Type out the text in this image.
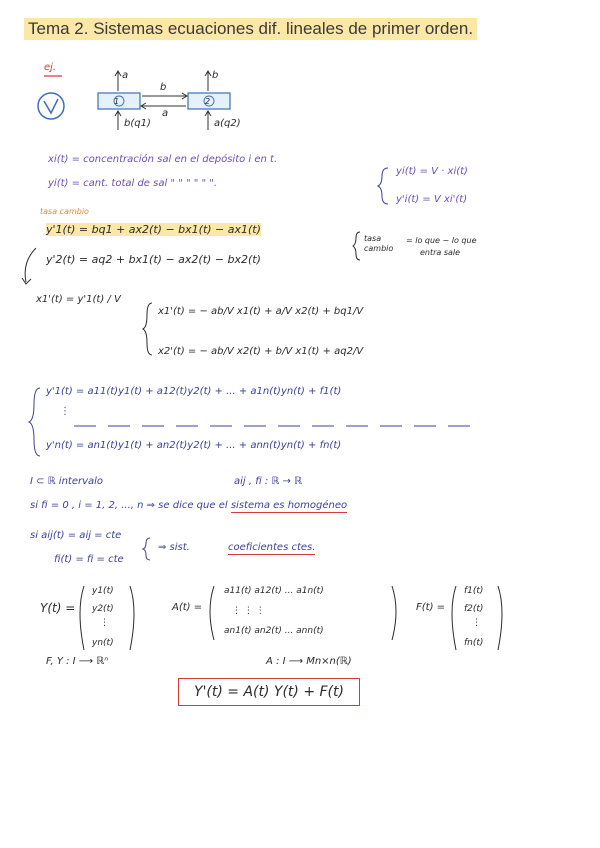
Tema 2. Sistemas ecuaciones dif. lineales de primer orden.
ej.
1	2
a	b
b
a
b(q1)	a(q2)
xi(t) = concentración sal en el depósito i en t.
yi(t) = cant. total de sal " " " " " ".
yi(t) = V · xi(t)
y'i(t) = V xi'(t)
tasa cambio
y'1(t) = bq1 + ax2(t) − bx1(t) − ax1(t)
y'2(t) = aq2 + bx1(t) − ax2(t) − bx2(t)
tasa
cambio
= lo que − lo que
entra sale
x1'(t) = y'1(t) / V
x1'(t) = − ab/V x1(t) + a/V x2(t) + bq1/V
x2'(t) = − ab/V x2(t) + b/V x1(t) + aq2/V
y'1(t) = a11(t)y1(t) + a12(t)y2(t) + ... + a1n(t)yn(t) + f1(t)
⋮
y'n(t) = an1(t)y1(t) + an2(t)y2(t) + ... + ann(t)yn(t) + fn(t)
I ⊂ ℝ intervalo	aij , fi : ℝ → ℝ
si fi = 0 , i = 1, 2, ..., n ⇒ se dice que el sistema es homogéneo
si aij(t) = aij = cte
fi(t) = fi = cte
⇒ sist.	coeficientes ctes.
Y(t) =
y1(t)
y2(t)
⋮
yn(t)
A(t) =
a11(t) a12(t) ... a1n(t)
⋮ ⋮ ⋮
an1(t) an2(t) ... ann(t)
F(t) =
f1(t)
f2(t)
⋮
fn(t)
F, Y : I ⟶ ℝⁿ	A : I ⟶ Mn×n(ℝ)
Y'(t) = A(t) Y(t) + F(t)
